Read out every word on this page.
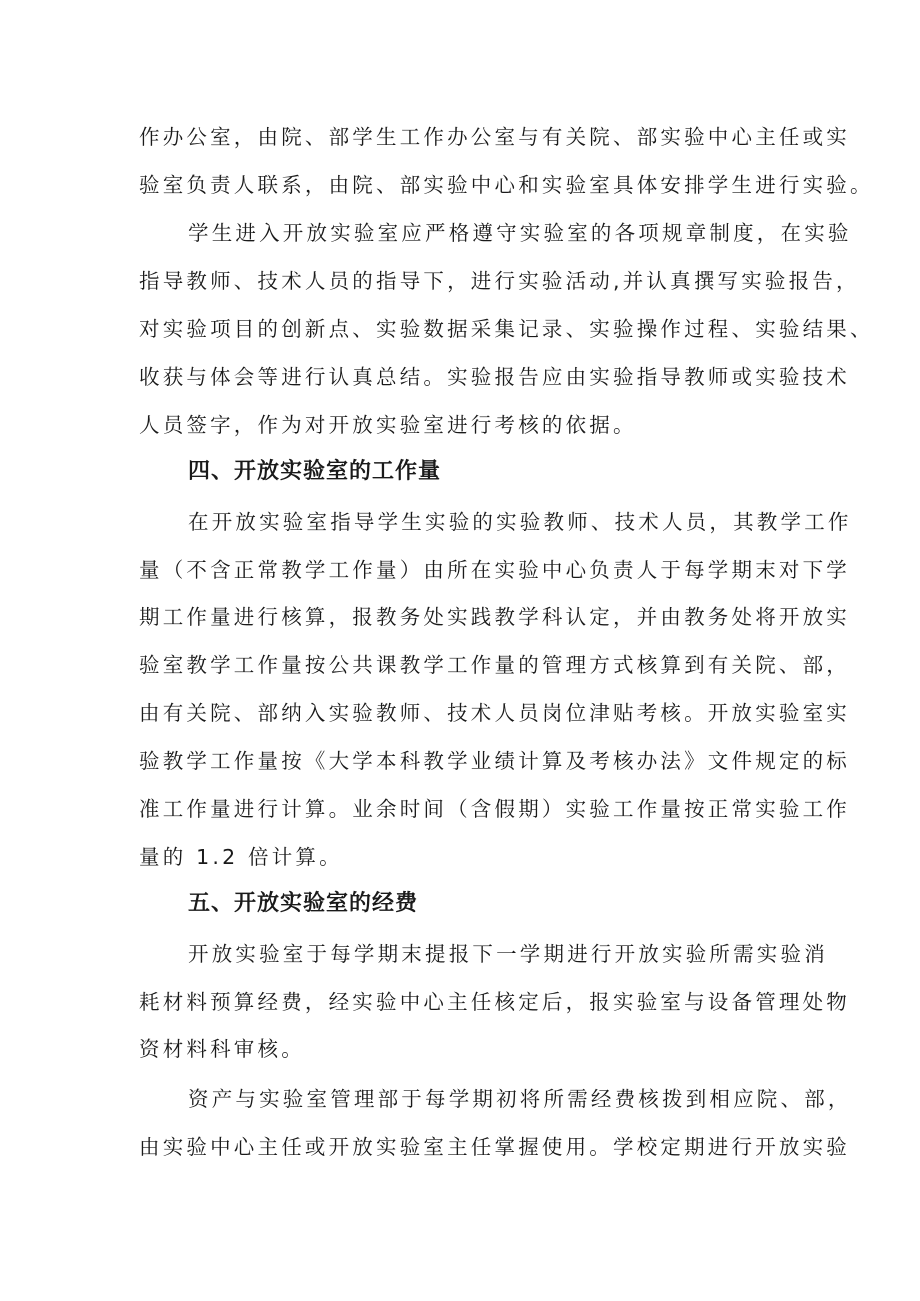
作办公室，由院、部学生工作办公室与有关院、部实验中心主任或实
验室负责人联系，由院、部实验中心和实验室具体安排学生进行实验。
学生进入开放实验室应严格遵守实验室的各项规章制度，在实验
指导教师、技术人员的指导下，进行实验活动,并认真撰写实验报告，
对实验项目的创新点、实验数据采集记录、实验操作过程、实验结果、
收获与体会等进行认真总结。实验报告应由实验指导教师或实验技术
人员签字，作为对开放实验室进行考核的依据。
四、开放实验室的工作量
在开放实验室指导学生实验的实验教师、技术人员，其教学工作
量（不含正常教学工作量）由所在实验中心负责人于每学期末对下学
期工作量进行核算，报教务处实践教学科认定，并由教务处将开放实
验室教学工作量按公共课教学工作量的管理方式核算到有关院、部，
由有关院、部纳入实验教师、技术人员岗位津贴考核。开放实验室实
验教学工作量按《大学本科教学业绩计算及考核办法》文件规定的标
准工作量进行计算。业余时间（含假期）实验工作量按正常实验工作
量的 1.2 倍计算。
五、开放实验室的经费
开放实验室于每学期末提报下一学期进行开放实验所需实验消
耗材料预算经费，经实验中心主任核定后，报实验室与设备管理处物
资材料科审核。
资产与实验室管理部于每学期初将所需经费核拨到相应院、部，
由实验中心主任或开放实验室主任掌握使用。学校定期进行开放实验
